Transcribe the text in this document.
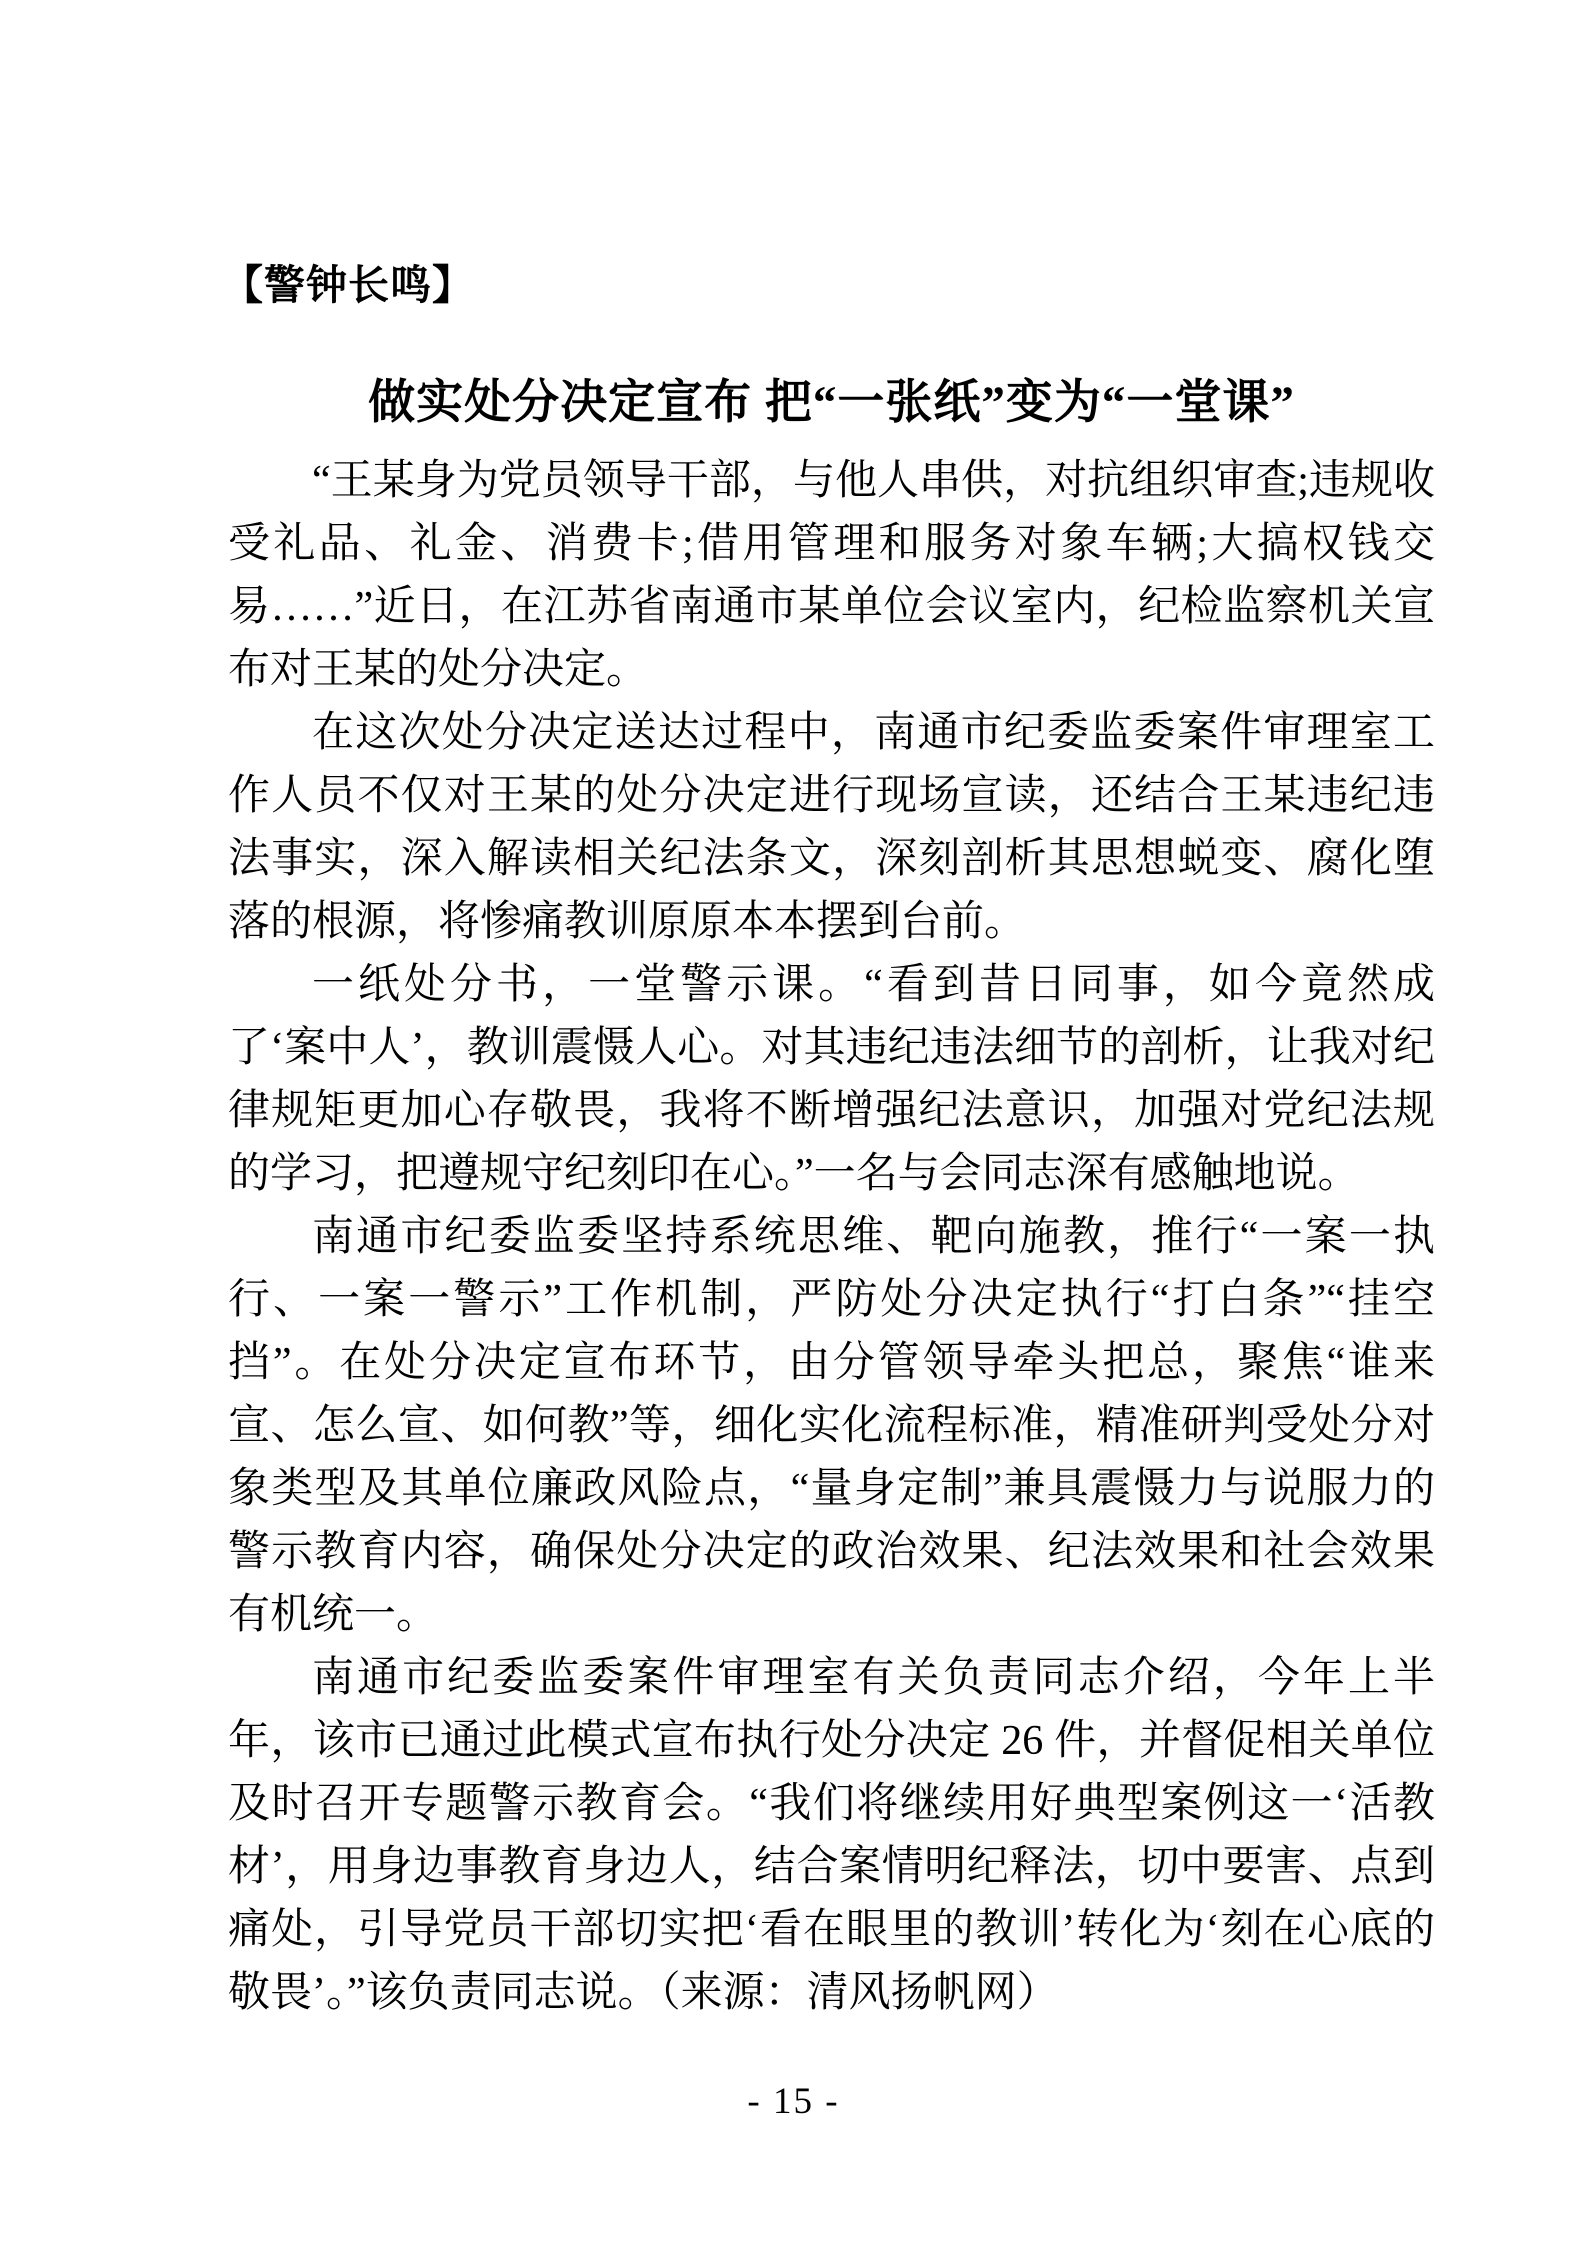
【警钟长鸣】
做实处分决定宣布 把“一张纸”变为“一堂课”

“王某身为党员领导干部，与他人串供，对抗组织审查;违规收受礼品、礼金、消费卡;借用管理和服务对象车辆;大搞权钱交易……”近日，在江苏省南通市某单位会议室内，纪检监察机关宣布对王某的处分决定。

在这次处分决定送达过程中，南通市纪委监委案件审理室工作人员不仅对王某的处分决定进行现场宣读，还结合王某违纪违法事实，深入解读相关纪法条文，深刻剖析其思想蜕变、腐化堕落的根源，将惨痛教训原原本本摆到台前。

一纸处分书，一堂警示课。“看到昔日同事，如今竟然成了‘案中人’，教训震慑人心。对其违纪违法细节的剖析，让我对纪律规矩更加心存敬畏，我将不断增强纪法意识，加强对党纪法规的学习，把遵规守纪刻印在心。”一名与会同志深有感触地说。

南通市纪委监委坚持系统思维、靶向施教，推行“一案一执行、一案一警示”工作机制，严防处分决定执行“打白条”“挂空挡”。在处分决定宣布环节，由分管领导牵头把总，聚焦“谁来宣、怎么宣、如何教”等，细化实化流程标准，精准研判受处分对象类型及其单位廉政风险点，“量身定制”兼具震慑力与说服力的警示教育内容，确保处分决定的政治效果、纪法效果和社会效果有机统一。

南通市纪委监委案件审理室有关负责同志介绍，今年上半年，该市已通过此模式宣布执行处分决定 26 件，并督促相关单位及时召开专题警示教育会。“我们将继续用好典型案例这一‘活教材’，用身边事教育身边人，结合案情明纪释法，切中要害、点到痛处，引导党员干部切实把‘看在眼里的教训’转化为‘刻在心底的敬畏’。”该负责同志说。（来源：清风扬帆网）

- 15 -
